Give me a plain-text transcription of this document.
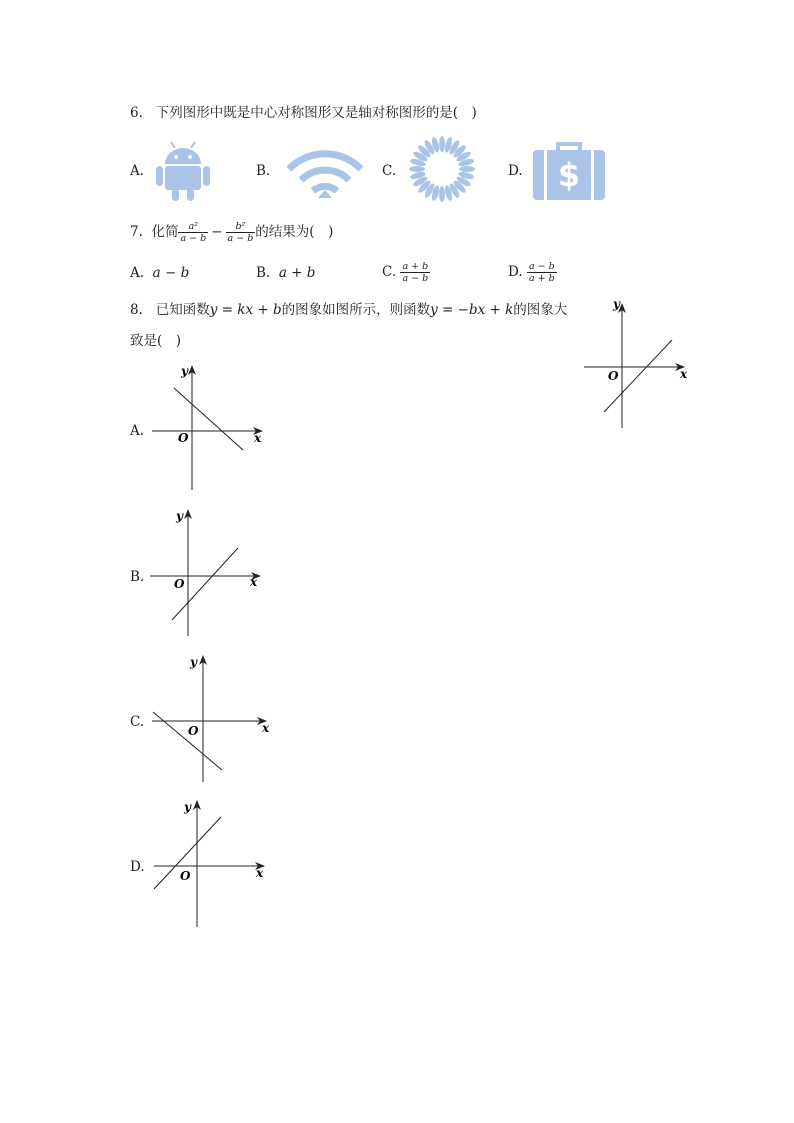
6. 下列图形中既是中心对称图形又是轴对称图形的是(　)
A.	B.	C.	D. $
7.
化简 $\frac{\text{a²}}{a - b} - \frac{\text{b²}}{a - b}$ 的结果为(　)
A. a − b	B. a + b	C.
$\frac{a + b}{a - b}$	D.
$\frac{a - b}{a + b}$
8. 已知函数y = kx + b的图象如图所示，则函数y = −bx + k的图象大
致是(　)
y
x
O
A.
y
x
O
B.
y
x
O
C.
y
x
O
D.
y
x
O
